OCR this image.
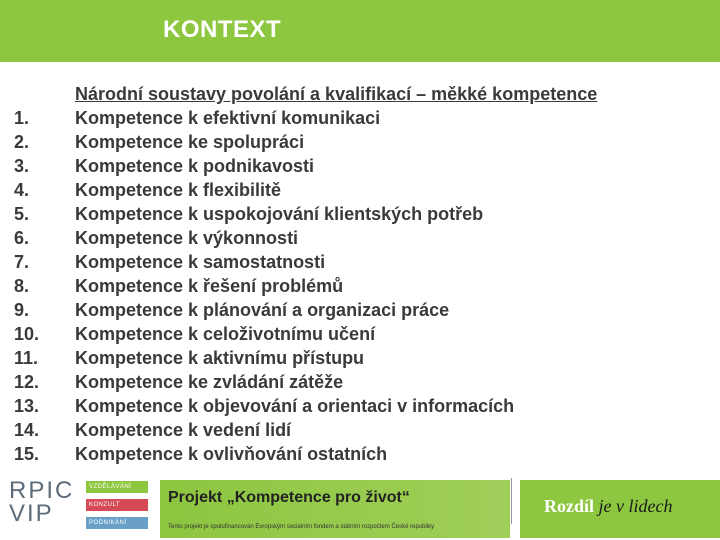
KONTEXT
Národní soustavy povolání a kvalifikací – měkké kompetence
1.	Kompetence k efektivní komunikaci
2.	Kompetence ke spolupráci
3.	Kompetence k podnikavosti
4.	Kompetence k flexibilitě
5.	Kompetence k uspokojování klientských potřeb
6.	Kompetence k výkonnosti
7.	Kompetence k samostatnosti
8.	Kompetence k řešení problémů
9.	Kompetence k plánování a organizaci práce
10. Kompetence k celoživotnímu učení
11. Kompetence k aktivnímu přístupu
12. Kompetence ke zvládání zátěže
13. Kompetence k objevování a orientaci v informacích
14. Kompetence k vedení lidí
15. Kompetence k ovlivňování ostatních
RPIC
VIP
VZDĚLÁVÁNÍ
KONZULT
PODNIKÁNÍ
Projekt „Kompetence pro život“
Tento projekt je spolufinancován Evropským sociálním fondem a státním rozpočtem České republiky
Rozdíl je v lidech
